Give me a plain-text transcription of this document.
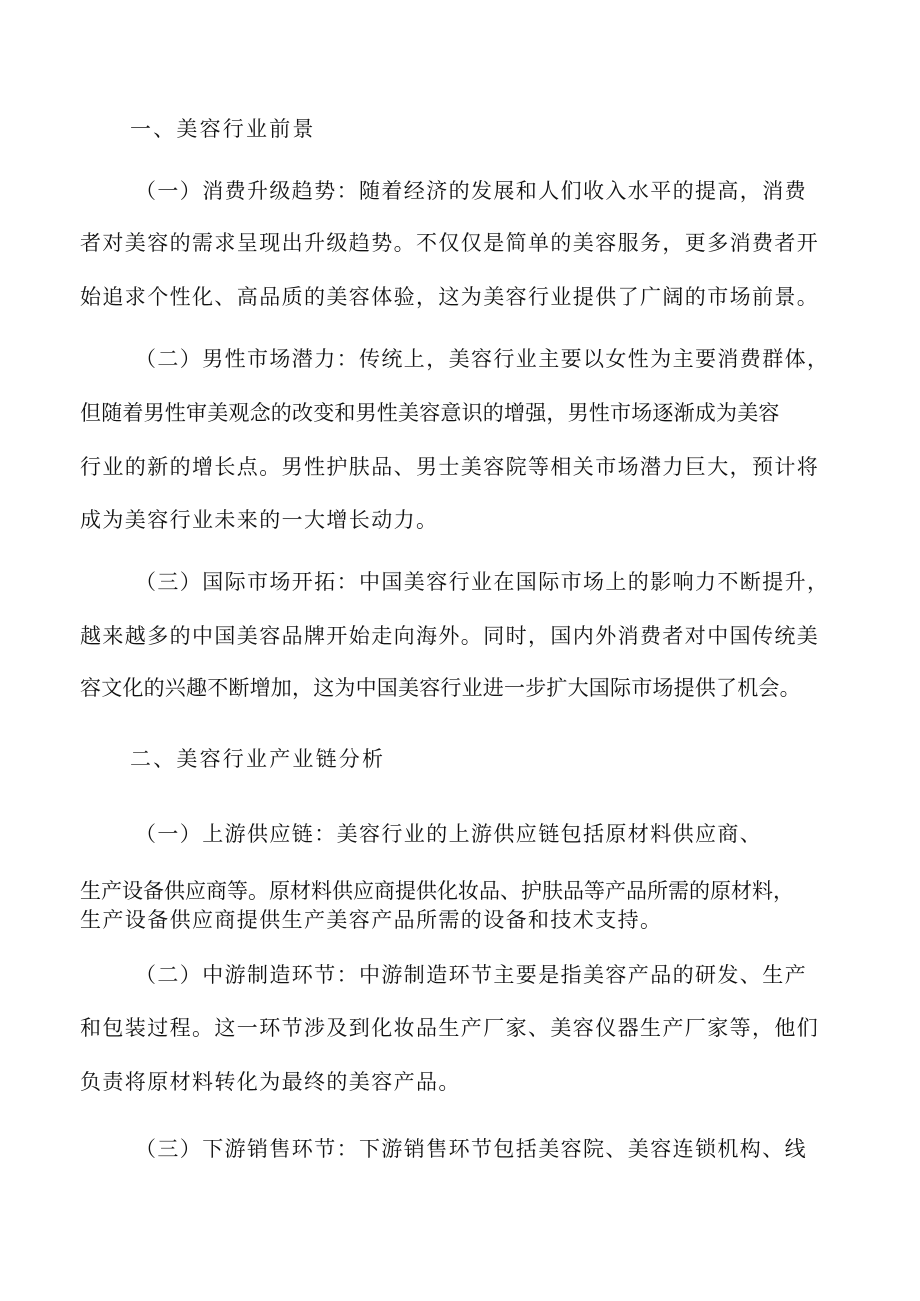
一、美容行业前景
（一）消费升级趋势：随着经济的发展和人们收入水平的提高，消费
者对美容的需求呈现出升级趋势。不仅仅是简单的美容服务，更多消费者开
始追求个性化、高品质的美容体验，这为美容行业提供了广阔的市场前景。
（二）男性市场潜力：传统上，美容行业主要以女性为主要消费群体，
但随着男性审美观念的改变和男性美容意识的增强，男性市场逐渐成为美容
行业的新的增长点。男性护肤品、男士美容院等相关市场潜力巨大，预计将
成为美容行业未来的一大增长动力。
（三）国际市场开拓：中国美容行业在国际市场上的影响力不断提升，
越来越多的中国美容品牌开始走向海外。同时，国内外消费者对中国传统美
容文化的兴趣不断增加，这为中国美容行业进一步扩大国际市场提供了机会。
二、美容行业产业链分析
（一）上游供应链：美容行业的上游供应链包括原材料供应商、
生产设备供应商等。原材料供应商提供化妆品、护肤品等产品所需的原材料，
生产设备供应商提供生产美容产品所需的设备和技术支持。
（二）中游制造环节：中游制造环节主要是指美容产品的研发、生产
和包装过程。这一环节涉及到化妆品生产厂家、美容仪器生产厂家等，他们
负责将原材料转化为最终的美容产品。
（三）下游销售环节：下游销售环节包括美容院、美容连锁机构、线
